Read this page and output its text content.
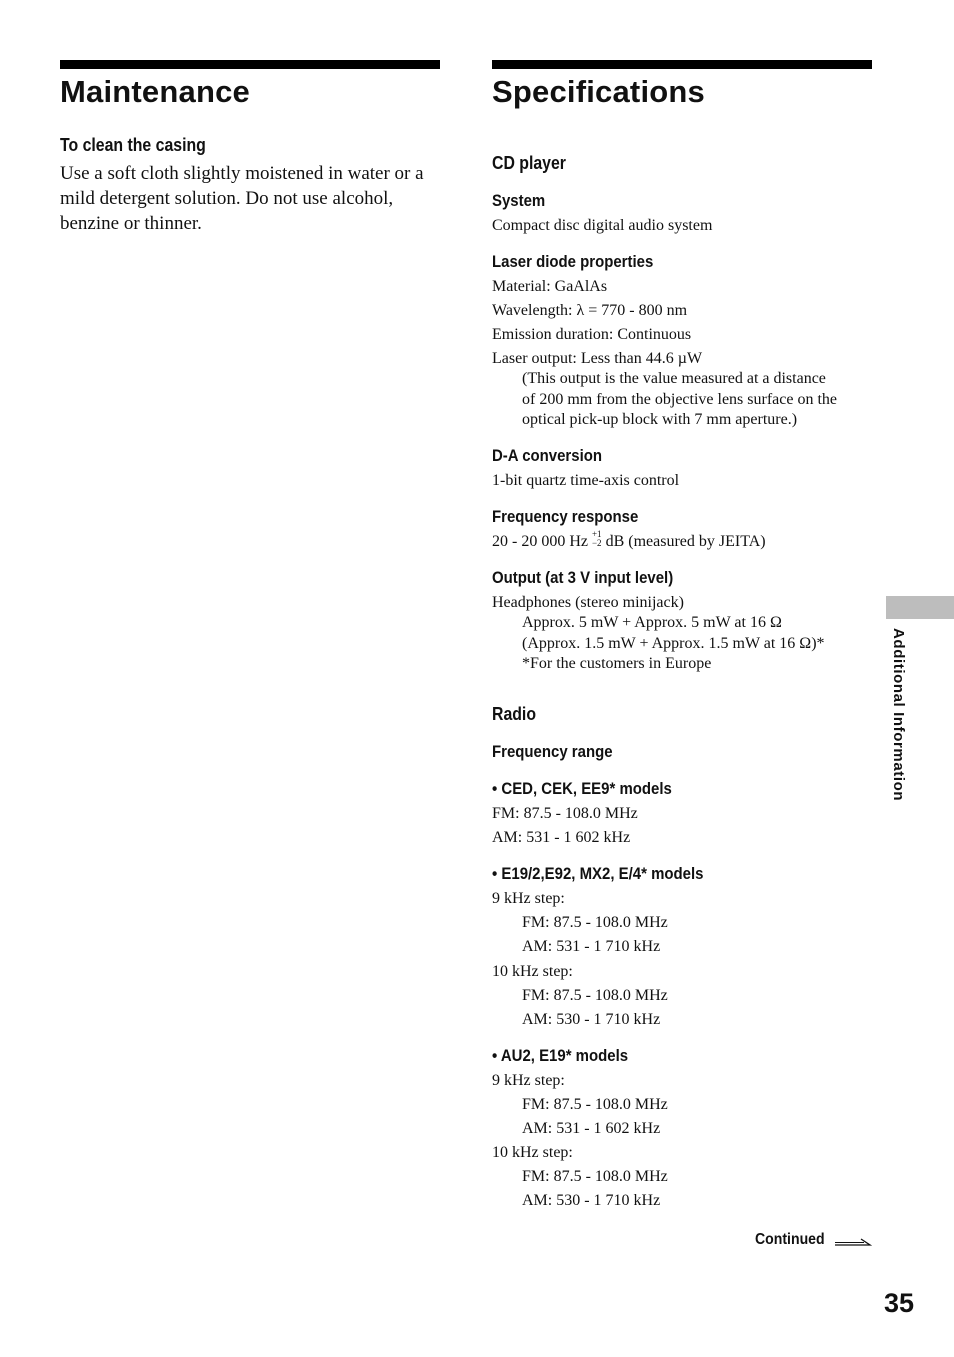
Maintenance
To clean the casing
Use a soft cloth slightly moistened in water or a mild detergent solution. Do not use alcohol, benzine or thinner.
Specifications
CD player
System
Compact disc digital audio system
Laser diode properties
Material: GaAlAs
Wavelength: λ = 770 - 800 nm
Emission duration: Continuous
Laser output: Less than 44.6 µW
(This output is the value measured at a distance
of 200 mm from the objective lens surface on the
optical pick-up block with 7 mm aperture.)
D-A conversion
1-bit quartz time-axis control
Frequency response
20 - 20 000 Hz +1
−2 dB (measured by JEITA)
Output (at 3 V input level)
Headphones (stereo minijack)
Approx. 5 mW + Approx. 5 mW at 16 Ω
(Approx. 1.5 mW + Approx. 1.5 mW at 16 Ω)*
*For the customers in Europe
Radio
Frequency range
• CED, CEK, EE9* models
FM: 87.5 - 108.0 MHz
AM: 531 - 1 602 kHz
• E19/2,E92, MX2, E/4* models
9 kHz step:
FM: 87.5 - 108.0 MHz
AM: 531 - 1 710 kHz
10 kHz step:
FM: 87.5 - 108.0 MHz
AM: 530 - 1 710 kHz
• AU2, E19* models
9 kHz step:
FM: 87.5 - 108.0 MHz
AM: 531 - 1 602 kHz
10 kHz step:
FM: 87.5 - 108.0 MHz
AM: 530 - 1 710 kHz
Additional Information
Continued
35
